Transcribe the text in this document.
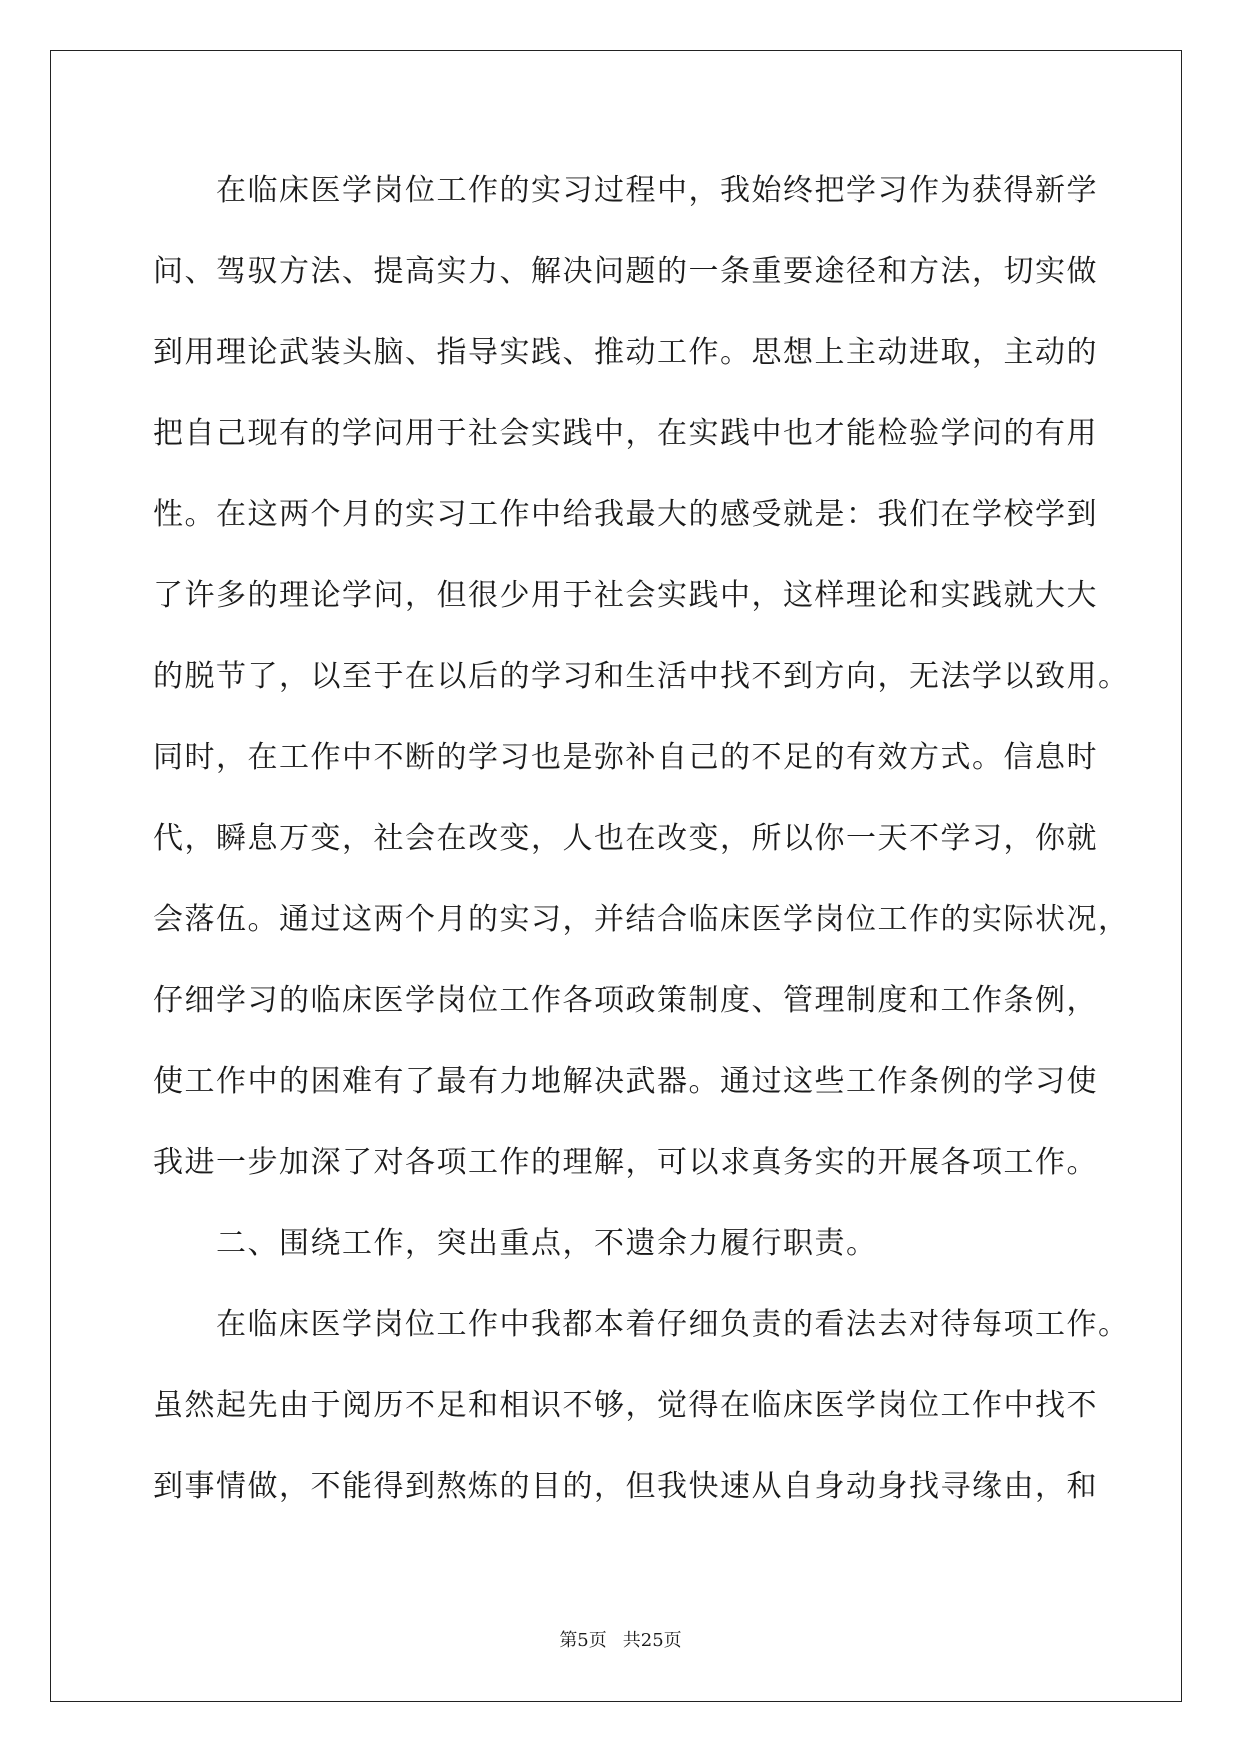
　　在临床医学岗位工作的实习过程中，我始终把学习作为获得新学
问、驾驭方法、提高实力、解决问题的一条重要途径和方法，切实做
到用理论武装头脑、指导实践、推动工作。思想上主动进取，主动的
把自己现有的学问用于社会实践中，在实践中也才能检验学问的有用
性。在这两个月的实习工作中给我最大的感受就是：我们在学校学到
了许多的理论学问，但很少用于社会实践中，这样理论和实践就大大
的脱节了，以至于在以后的学习和生活中找不到方向，无法学以致用。
同时，在工作中不断的学习也是弥补自己的不足的有效方式。信息时
代，瞬息万变，社会在改变，人也在改变，所以你一天不学习，你就
会落伍。通过这两个月的实习，并结合临床医学岗位工作的实际状况，
仔细学习的临床医学岗位工作各项政策制度、管理制度和工作条例，
使工作中的困难有了最有力地解决武器。通过这些工作条例的学习使
我进一步加深了对各项工作的理解，可以求真务实的开展各项工作。
　　二、围绕工作，突出重点，不遗余力履行职责。
　　在临床医学岗位工作中我都本着仔细负责的看法去对待每项工作。
虽然起先由于阅历不足和相识不够，觉得在临床医学岗位工作中找不
到事情做，不能得到熬炼的目的，但我快速从自身动身找寻缘由，和
第5页 共25页
